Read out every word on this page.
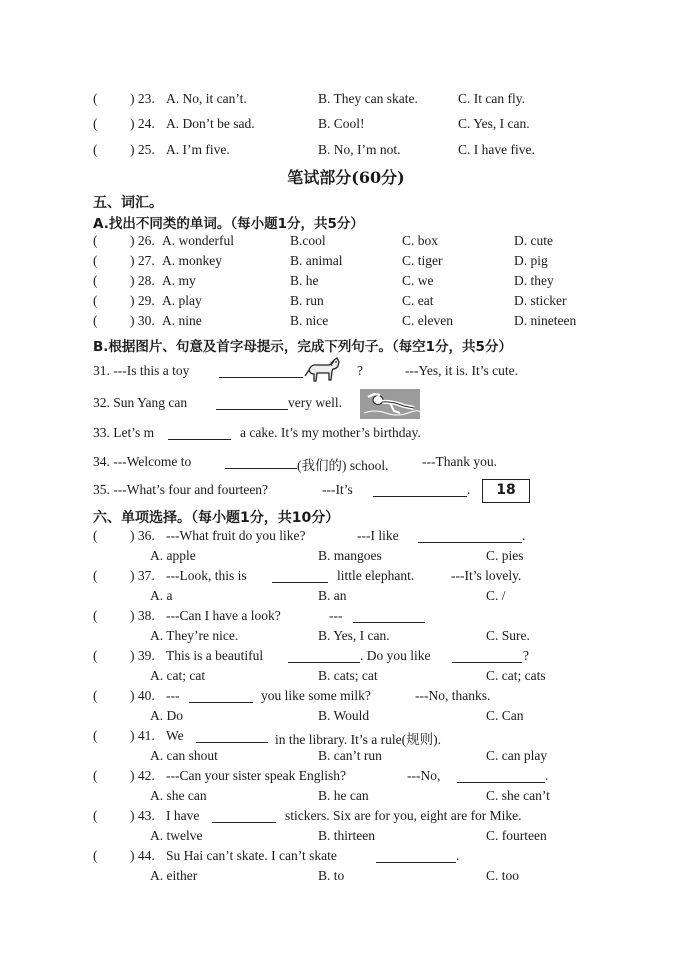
( ) 23. A. No, it can’t.	B. They can skate.	C. It can fly.
( ) 24. A. Don’t be sad.	B. Cool!	C. Yes, I can.
( ) 25. A. I’m five.	B. No, I’m not.	C. I have five.
笔试部分(60分)
五、词汇。
A.找出不同类的单词。（每小题1分，共5分）
( ) 26. A. wonderful	B.cool	C. box	D. cute
( ) 27. A. monkey	B. animal	C. tiger	D. pig
( ) 28. A. my	B. he	C. we	D. they
( ) 29. A. play	B. run	C. eat	D. sticker
( ) 30. A. nine	B. nice	C. eleven	D. nineteen
B.根据图片、句意及首字母提示，完成下列句子。（每空1分，共5分）
31. ---Is this a toy	?	---Yes, it is. It’s cute.
32. Sun Yang can	very well.
33. Let’s m	a cake. It’s my mother’s birthday.
34. ---Welcome to	(我们的) school. ---Thank you.
35. ---What’s four and fourteen?	---It’s	.	18
六、单项选择。（每小题1分，共10分）
( ) 36. ---What fruit do you like?	---I like	.
A. apple	B. mangoes	C. pies
( ) 37. ---Look, this is	little elephant.	---It’s lovely.
A. a	B. an	C. /
( ) 38. ---Can I have a look?	---
A. They’re nice.	B. Yes, I can.	C. Sure.
( ) 39. This is a beautiful	. Do you like	?
A. cat; cat	B. cats; cat	C. cat; cats
( ) 40. ---	you like some milk?	---No, thanks.
A. Do	B. Would	C. Can
( ) 41. We	in the library. It’s a rule(规则).
A. can shout	B. can’t run	C. can play
( ) 42. ---Can your sister speak English?	---No,	.
A. she can	B. he can	C. she can’t
( ) 43. I have	stickers. Six are for you, eight are for Mike.
A. twelve	B. thirteen	C. fourteen
( ) 44. Su Hai can’t skate. I can’t skate	.
A. either	B. to	C. too
